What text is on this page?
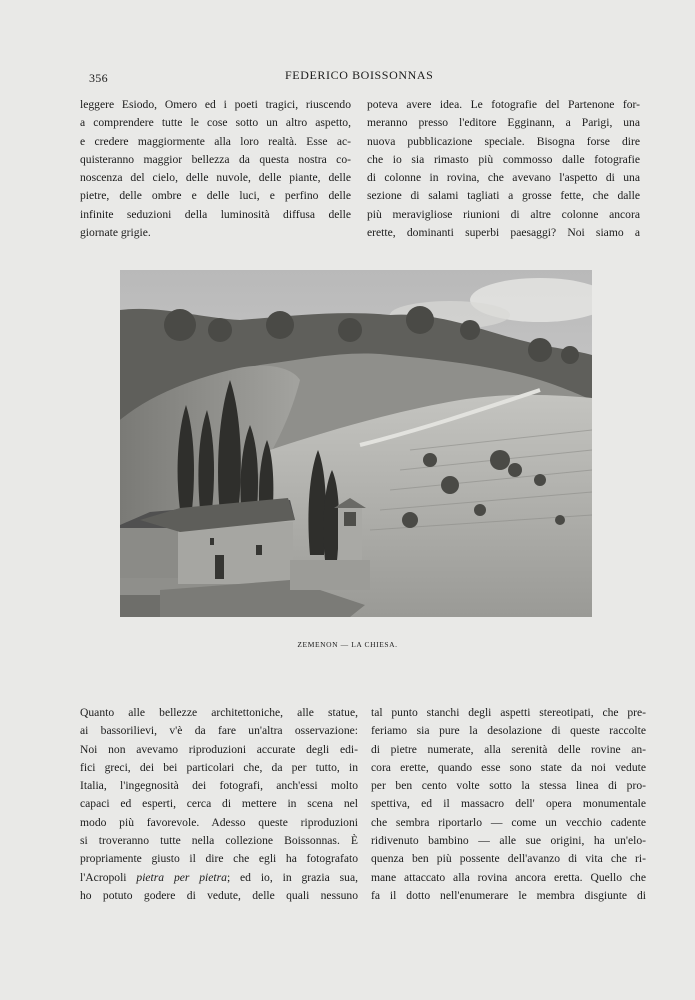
356	FEDERICO BOISSONNAS
leggere Esiodo, Omero ed i poeti tragici, riuscendo
a comprendere tutte le cose sotto un altro aspetto,
e credere maggiormente alla loro realtà. Esse ac-
quisteranno maggior bellezza da questa nostra co-
noscenza del cielo, delle nuvole, delle piante, delle
pietre, delle ombre e delle luci, e perfino delle
infinite seduzioni della luminosità diffusa delle
giornate grigie.
poteva avere idea. Le fotografie del Partenone for-
meranno presso l'editore Egginann, a Parigi, una
nuova pubblicazione speciale. Bisogna forse dire
che io sia rimasto più commosso dalle fotografie
di colonne in rovina, che avevano l'aspetto di una
sezione di salami tagliati a grosse fette, che dalle
più meravigliose riunioni di altre colonne ancora
erette, dominanti superbi paesaggi? Noi siamo a
ZEMENON — LA CHIESA.
Quanto alle bellezze architettoniche, alle statue,
ai bassorilievi, v'è da fare un'altra osservazione:
Noi non avevamo riproduzioni accurate degli edi-
fici greci, dei bei particolari che, da per tutto, in
Italia, l'ingegnosità dei fotografi, anch'essi molto
capaci ed esperti, cerca di mettere in scena nel
modo più favorevole. Adesso queste riproduzioni
si troveranno tutte nella collezione Boissonnas. È
propriamente giusto il dire che egli ha fotografato
l'Acropoli pietra per pietra; ed io, in grazia sua,
ho potuto godere di vedute, delle quali nessuno
tal punto stanchi degli aspetti stereotipati, che pre-
feriamo sia pure la desolazione di queste raccolte
di pietre numerate, alla serenità delle rovine an-
cora erette, quando esse sono state da noi vedute
per ben cento volte sotto la stessa linea di pro-
spettiva, ed il massacro dell' opera monumentale
che sembra riportarlo — come un vecchio cadente
ridivenuto bambino — alle sue origini, ha un'elo-
quenza ben più possente dell'avanzo di vita che ri-
mane attaccato alla rovina ancora eretta. Quello che
fa il dotto nell'enumerare le membra disgiunte di
